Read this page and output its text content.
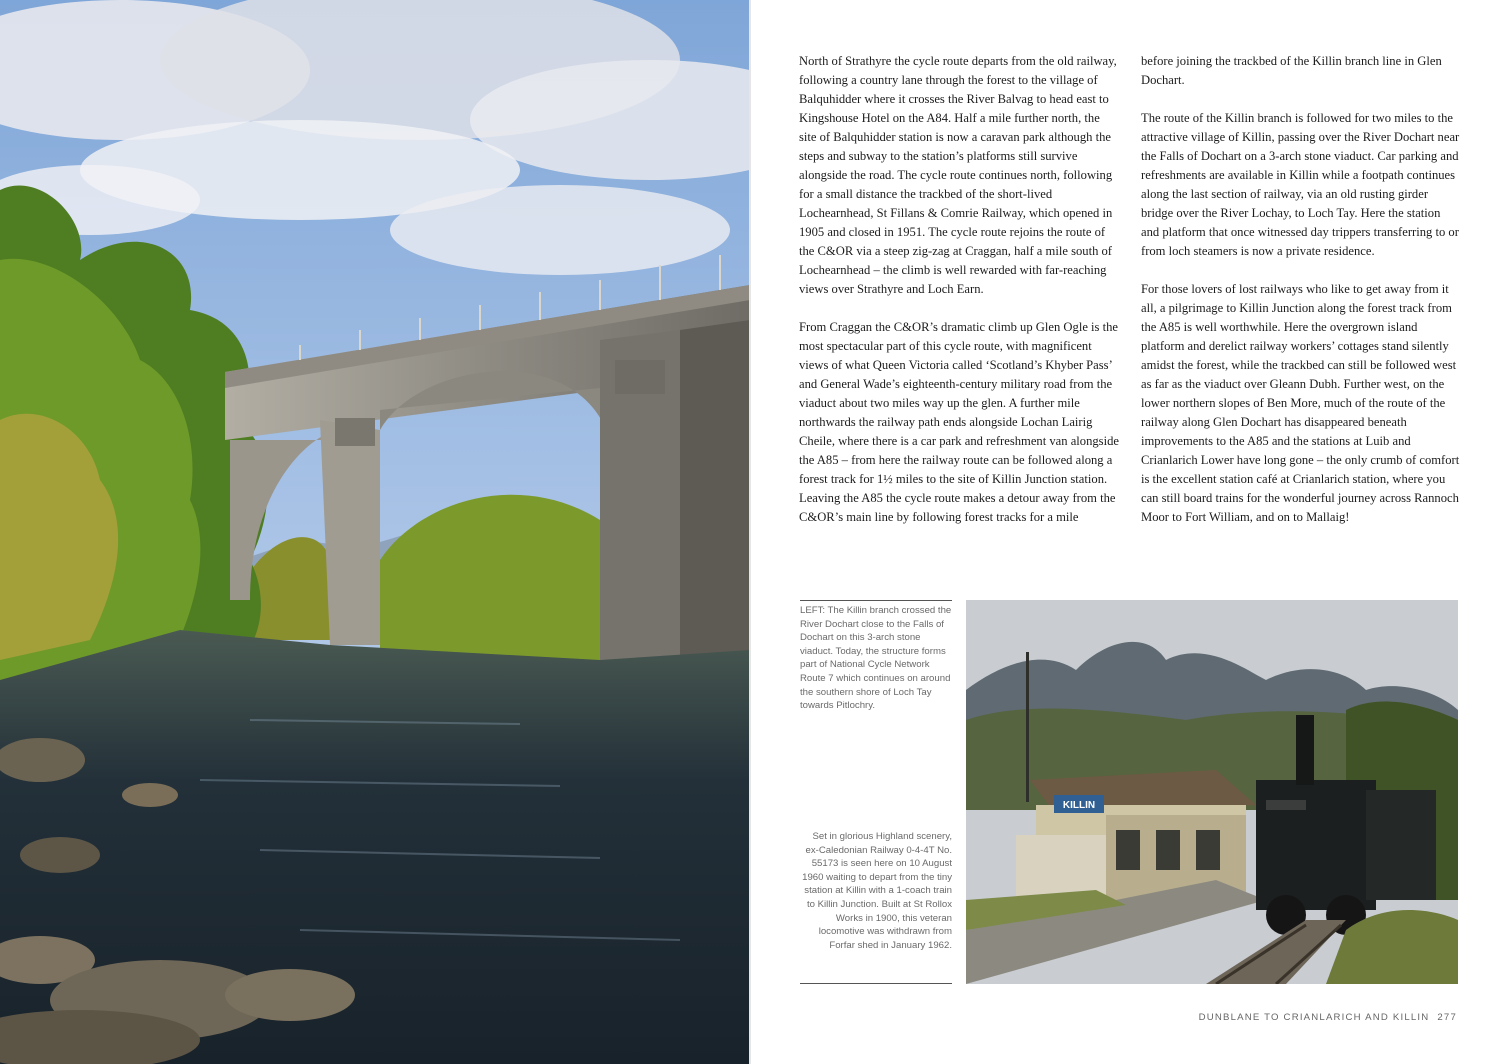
North of Strathyre the cycle route departs from the old railway, following a country lane through the forest to the village of Balquhidder where it crosses the River Balvag to head east to Kingshouse Hotel on the A84. Half a mile further north, the site of Balquhidder station is now a caravan park although the steps and subway to the station’s platforms still survive alongside the road. The cycle route continues north, following for a small distance the trackbed of the short-lived Lochearnhead, St Fillans & Comrie Railway, which opened in 1905 and closed in 1951. The cycle route rejoins the route of the C&OR via a steep zig-zag at Craggan, half a mile south of Lochearnhead – the climb is well rewarded with far-reaching views over Strathyre and Loch Earn.

From Craggan the C&OR’s dramatic climb up Glen Ogle is the most spectacular part of this cycle route, with magnificent views of what Queen Victoria called ‘Scotland’s Khyber Pass’ and General Wade’s eighteenth-century military road from the viaduct about two miles way up the glen. A further mile northwards the railway path ends alongside Lochan Lairig Cheile, where there is a car park and refreshment van alongside the A85 – from here the railway route can be followed along a forest track for 1½ miles to the site of Killin Junction station. Leaving the A85 the cycle route makes a detour away from the C&OR’s main line by following forest tracks for a mile

before joining the trackbed of the Killin branch line in Glen Dochart.

The route of the Killin branch is followed for two miles to the attractive village of Killin, passing over the River Dochart near the Falls of Dochart on a 3-arch stone viaduct. Car parking and refreshments are available in Killin while a footpath continues along the last section of railway, via an old rusting girder bridge over the River Lochay, to Loch Tay. Here the station and platform that once witnessed day trippers transferring to or from loch steamers is now a private residence.

For those lovers of lost railways who like to get away from it all, a pilgrimage to Killin Junction along the forest track from the A85 is well worthwhile. Here the overgrown island platform and derelict railway workers’ cottages stand silently amidst the forest, while the trackbed can still be followed west as far as the viaduct over Gleann Dubh. Further west, on the lower northern slopes of Ben More, much of the route of the railway along Glen Dochart has disappeared beneath improvements to the A85 and the stations at Luib and Crianlarich Lower have long gone – the only crumb of comfort is the excellent station café at Crianlarich station, where you can still board trains for the wonderful journey across Rannoch Moor to Fort William, and on to Mallaig!

LEFT: The Killin branch crossed the River Dochart close to the Falls of Dochart on this 3-arch stone viaduct. Today, the structure forms part of National Cycle Network Route 7 which continues on around the southern shore of Loch Tay towards Pitlochry.
Set in glorious Highland scenery, ex-Caledonian Railway 0-4-4T No. 55173 is seen here on 10 August 1960 waiting to depart from the tiny station at Killin with a 1-coach train to Killin Junction. Built at St Rollox Works in 1900, this veteran locomotive was withdrawn from Forfar shed in January 1962.
KILLIN
DUNBLANE TO CRIANLARICH AND KILLIN 277
